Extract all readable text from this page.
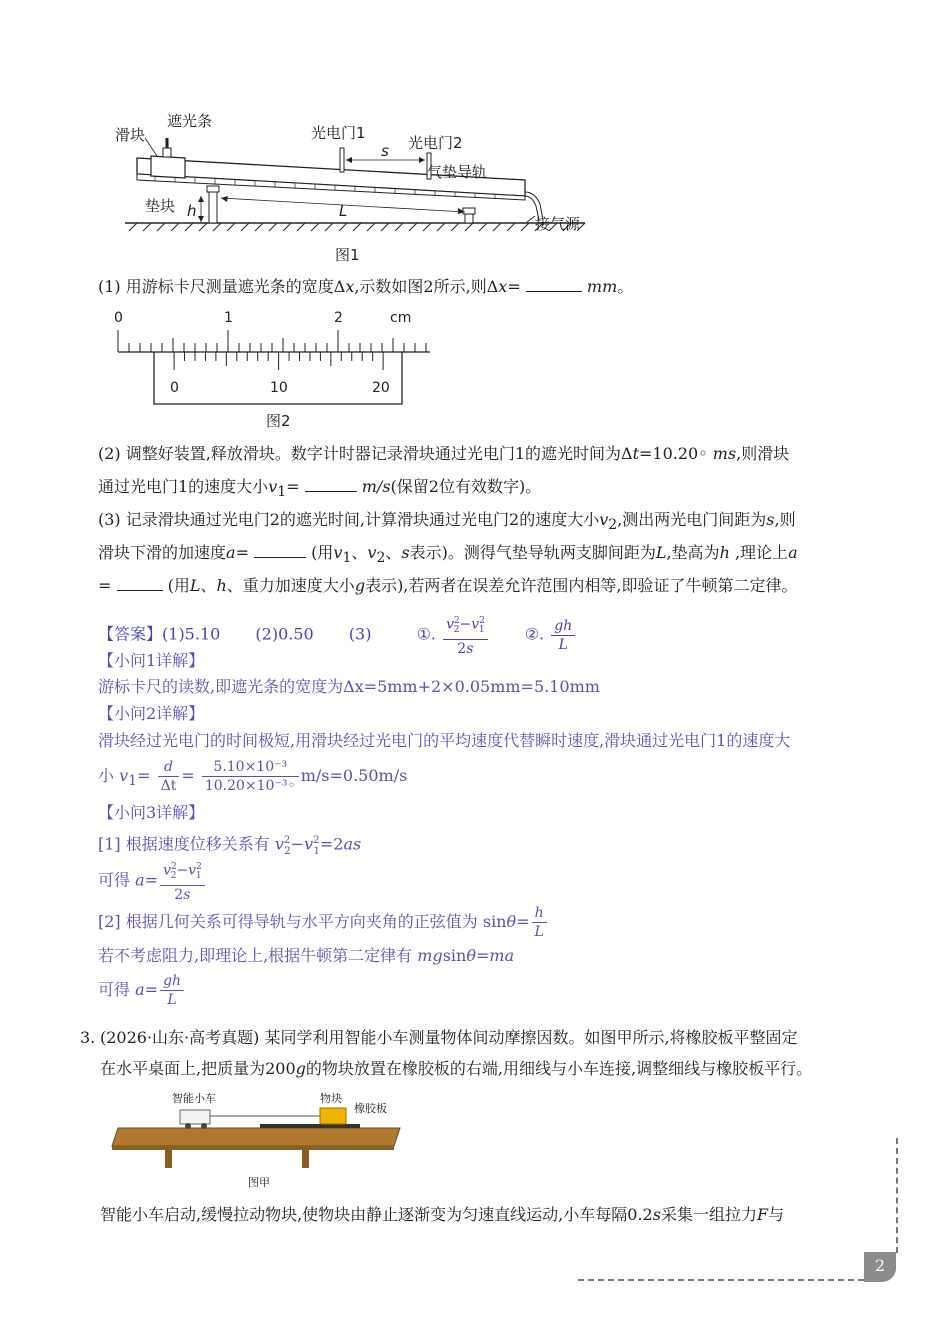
滑块
遮光条
光电门1
光电门2
s
气垫导轨
垫块 h	L
接气源
图1
(1) 用游标卡尺测量遮光条的宽度Δx,示数如图2所示,则Δx=	mm。
0	1	2	cm
0	10	20
图2
(2) 调整好装置,释放滑块。数字计时器记录滑块通过光电门1的遮光时间为Δt=10.20◦ ms,则滑块
通过光电门1的速度大小$v_1=$	m/s(保留2位有效数字)。
(3) 记录滑块通过光电门2的遮光时间,计算滑块通过光电门2的速度大小$v_2$,测出两光电门间距为s,则
滑块下滑的加速度a=	(用$v_1$、$v_2$、s表示)。测得气垫导轨两支脚间距为L,垫高为h ,理论上a
=	(用L、h、重力加速度大小g表示),若两者在误差允许范围内相等,即验证了牛顿第二定律。
【答案】(1)5.10 (2)0.50 (3)	①. $\frac{v^2_2-v^2_1}{2s}$ ②. $\frac{gh}{L}$
【小问1详解】
游标卡尺的读数,即遮光条的宽度为Δx=5mm+2×0.05mm=5.10mm
【小问2详解】
滑块经过光电门的时间极短,用滑块经过光电门的平均速度代替瞬时速度,滑块通过光电门1的速度大
小 $v_1= \frac{d}{\Delta t} = \frac{\text{5.10×10⁻³}}{\text{10.20×10⁻³◦}} m/s=0.50m/s$
【小问3详解】
[1] 根据速度位移关系有 $v^2_2-v^2_1=2as$
可得 $a= \frac{v^2_2-v^2_1}{2s}$
[2] 根据几何关系可得导轨与水平方向夹角的正弦值为 $\sin\theta= \frac{h}{L}$
若不考虑阻力,即理论上,根据牛顿第二定律有 mgsinθ=ma
可得 $a= \frac{gh}{L}$
3. (2026·山东·高考真题) 某同学利用智能小车测量物体间动摩擦因数。如图甲所示,将橡胶板平整固定
在水平桌面上,把质量为200g的物块放置在橡胶板的右端,用细线与小车连接,调整细线与橡胶板平行。
智能小车	物块
橡胶板
图甲
智能小车启动,缓慢拉动物块,使物块由静止逐渐变为匀速直线运动,小车每隔0.2s采集一组拉力F与
2
